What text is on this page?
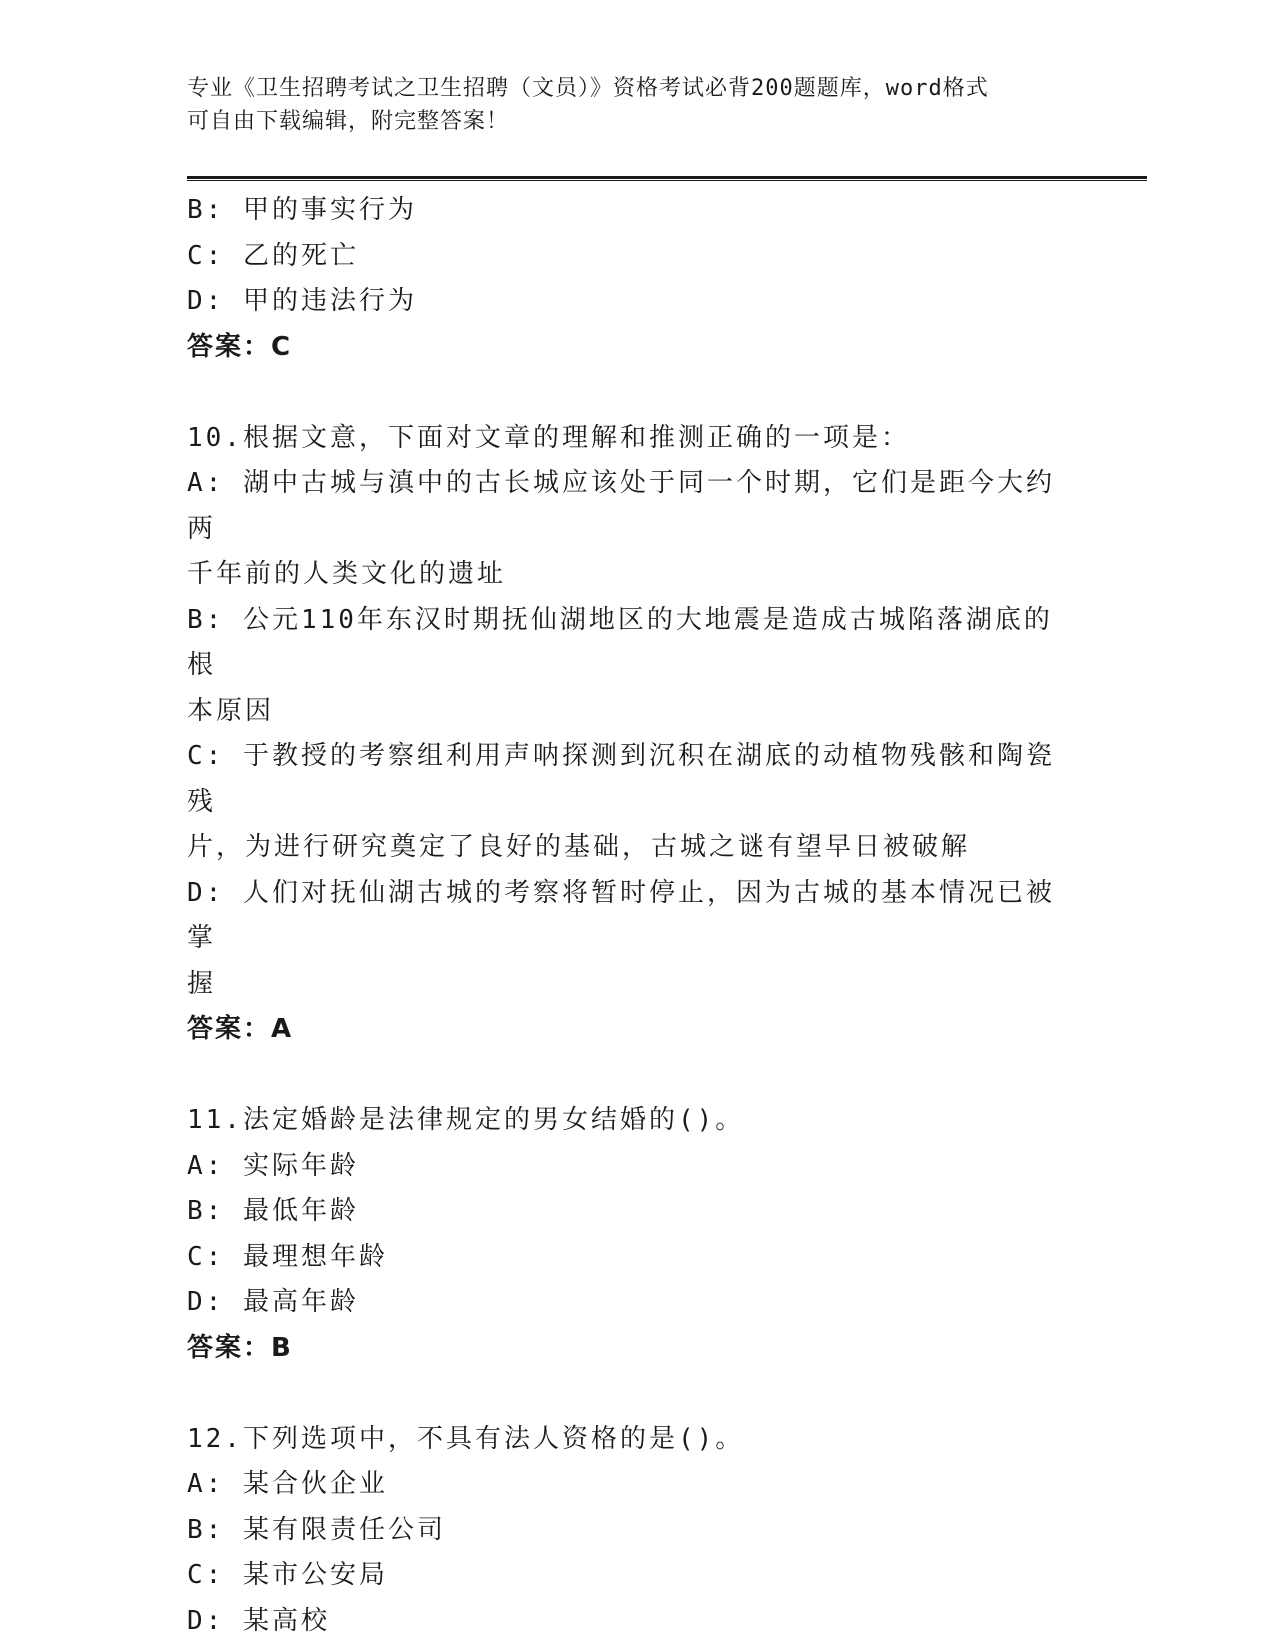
专业《卫生招聘考试之卫生招聘（文员）》资格考试必背200题题库，word格式
可自由下载编辑，附完整答案！
B: 甲的事实行为
C: 乙的死亡
D: 甲的违法行为
答案：C
10.根据文意，下面对文章的理解和推测正确的一项是：
A: 湖中古城与滇中的古长城应该处于同一个时期，它们是距今大约两
千年前的人类文化的遗址
B: 公元110年东汉时期抚仙湖地区的大地震是造成古城陷落湖底的根
本原因
C: 于教授的考察组利用声呐探测到沉积在湖底的动植物残骸和陶瓷残
片，为进行研究奠定了良好的基础，古城之谜有望早日被破解
D: 人们对抚仙湖古城的考察将暂时停止，因为古城的基本情况已被掌
握
答案：A
11.法定婚龄是法律规定的男女结婚的()。
A: 实际年龄
B: 最低年龄
C: 最理想年龄
D: 最高年龄
答案：B
12.下列选项中，不具有法人资格的是()。
A: 某合伙企业
B: 某有限责任公司
C: 某市公安局
D: 某高校
